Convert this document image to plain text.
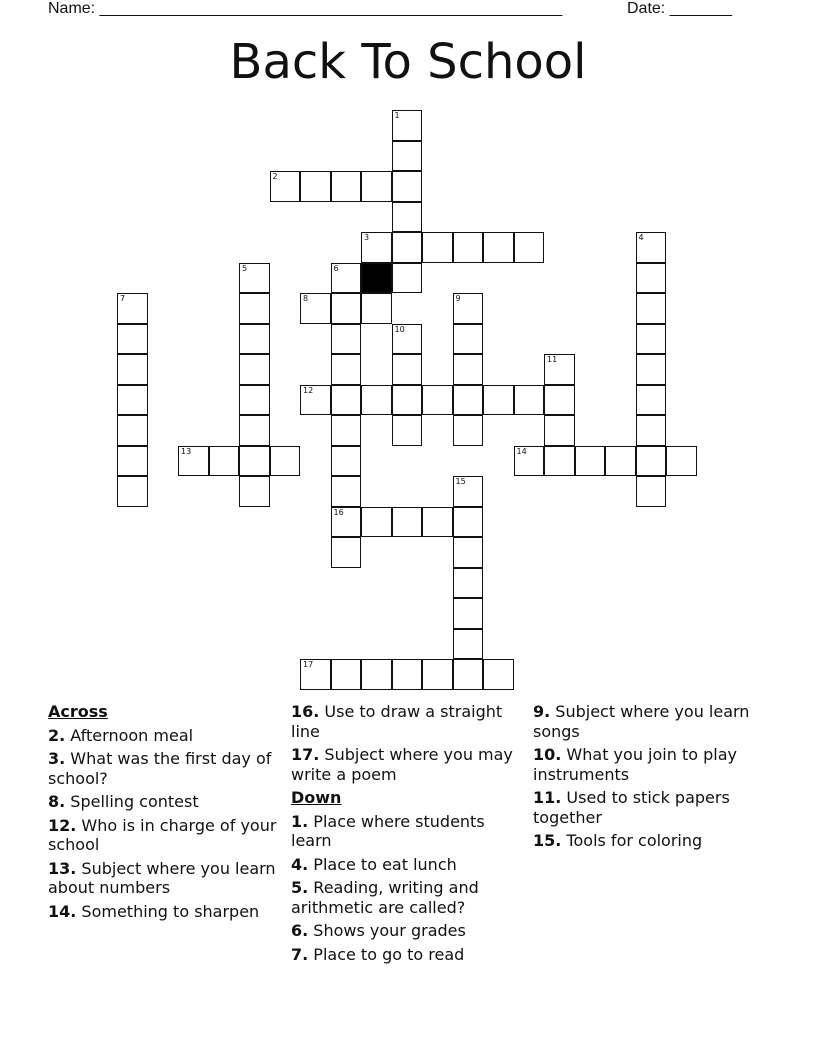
Name: ____________________________________________________	Date: _______
Back To School
1
2
3	4
5	6
7	8	9
10
11
12
13	14
15
16
17
Across
2. Afternoon meal
3. What was the first day of school?
8. Spelling contest
12. Who is in charge of your school
13. Subject where you learn about numbers
14. Something to sharpen
16. Use to draw a straight line
17. Subject where you may write a poem
Down
1. Place where students learn
4. Place to eat lunch
5. Reading, writing and arithmetic are called?
6. Shows your grades
7. Place to go to read
9. Subject where you learn songs
10. What you join to play instruments
11. Used to stick papers together
15. Tools for coloring
